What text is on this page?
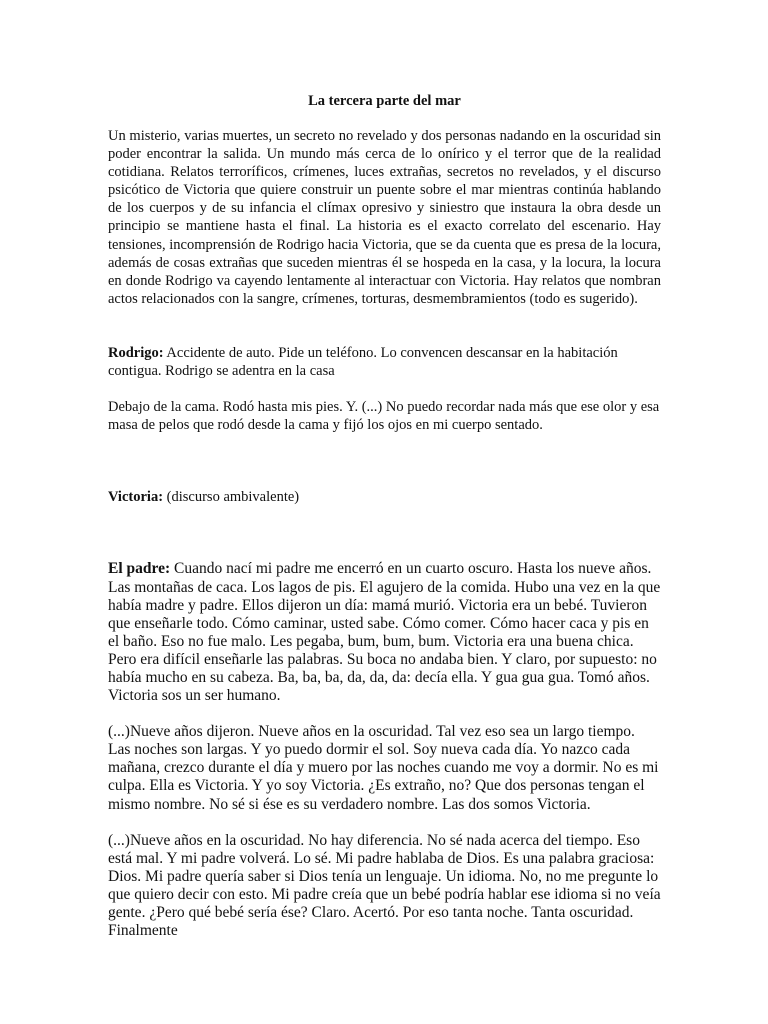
La tercera parte del mar

Un misterio, varias muertes, un secreto no revelado y dos personas nadando en la oscuridad sin poder encontrar la salida. Un mundo más cerca de lo onírico y el terror que de la realidad cotidiana. Relatos terroríficos, crímenes, luces extrañas, secretos no revelados, y el discurso psicótico de Victoria que quiere construir un puente sobre el mar mientras continúa hablando de los cuerpos y de su infancia el clímax opresivo y siniestro que instaura la obra desde un principio se mantiene hasta el final. La historia es el exacto correlato del escenario. Hay tensiones, incomprensión de Rodrigo hacia Victoria, que se da cuenta que es presa de la locura, además de cosas extrañas que suceden mientras él se hospeda en la casa, y la locura, la locura en donde Rodrigo va cayendo lentamente al interactuar con Victoria. Hay relatos que nombran actos relacionados con la sangre, crímenes, torturas, desmembramientos (todo es sugerido).

Rodrigo: Accidente de auto. Pide un teléfono. Lo convencen descansar en la habitación contigua. Rodrigo se adentra en la casa

Debajo de la cama. Rodó hasta mis pies. Y. (...) No puedo recordar nada más que ese olor y esa masa de pelos que rodó desde la cama y fijó los ojos en mi cuerpo sentado.

Victoria: (discurso ambivalente)

El padre: Cuando nací mi padre me encerró en un cuarto oscuro. Hasta los nueve años. Las montañas de caca. Los lagos de pis. El agujero de la comida. Hubo una vez en la que había madre y padre. Ellos dijeron un día: mamá murió. Victoria era un bebé. Tuvieron que enseñarle todo. Cómo caminar, usted sabe. Cómo comer. Cómo hacer caca y pis en el baño. Eso no fue malo. Les pegaba, bum, bum, bum. Victoria era una buena chica. Pero era difícil enseñarle las palabras. Su boca no andaba bien. Y claro, por supuesto: no había mucho en su cabeza. Ba, ba, ba, da, da, da: decía ella. Y gua gua gua. Tomó años. Victoria sos un ser humano.

(...)Nueve años dijeron. Nueve años en la oscuridad. Tal vez eso sea un largo tiempo. Las noches son largas. Y yo puedo dormir el sol. Soy nueva cada día. Yo nazco cada mañana, crezco durante el día y muero por las noches cuando me voy a dormir. No es mi culpa. Ella es Victoria. Y yo soy Victoria. ¿Es extraño, no? Que dos personas tengan el mismo nombre. No sé si ése es su verdadero nombre. Las dos somos Victoria.

(...)Nueve años en la oscuridad. No hay diferencia. No sé nada acerca del tiempo. Eso está mal. Y mi padre volverá. Lo sé. Mi padre hablaba de Dios. Es una palabra graciosa: Dios. Mi padre quería saber si Dios tenía un lenguaje. Un idioma. No, no me pregunte lo que quiero decir con esto. Mi padre creía que un bebé podría hablar ese idioma si no veía gente. ¿Pero qué bebé sería ése? Claro. Acertó. Por eso tanta noche. Tanta oscuridad. Finalmente
